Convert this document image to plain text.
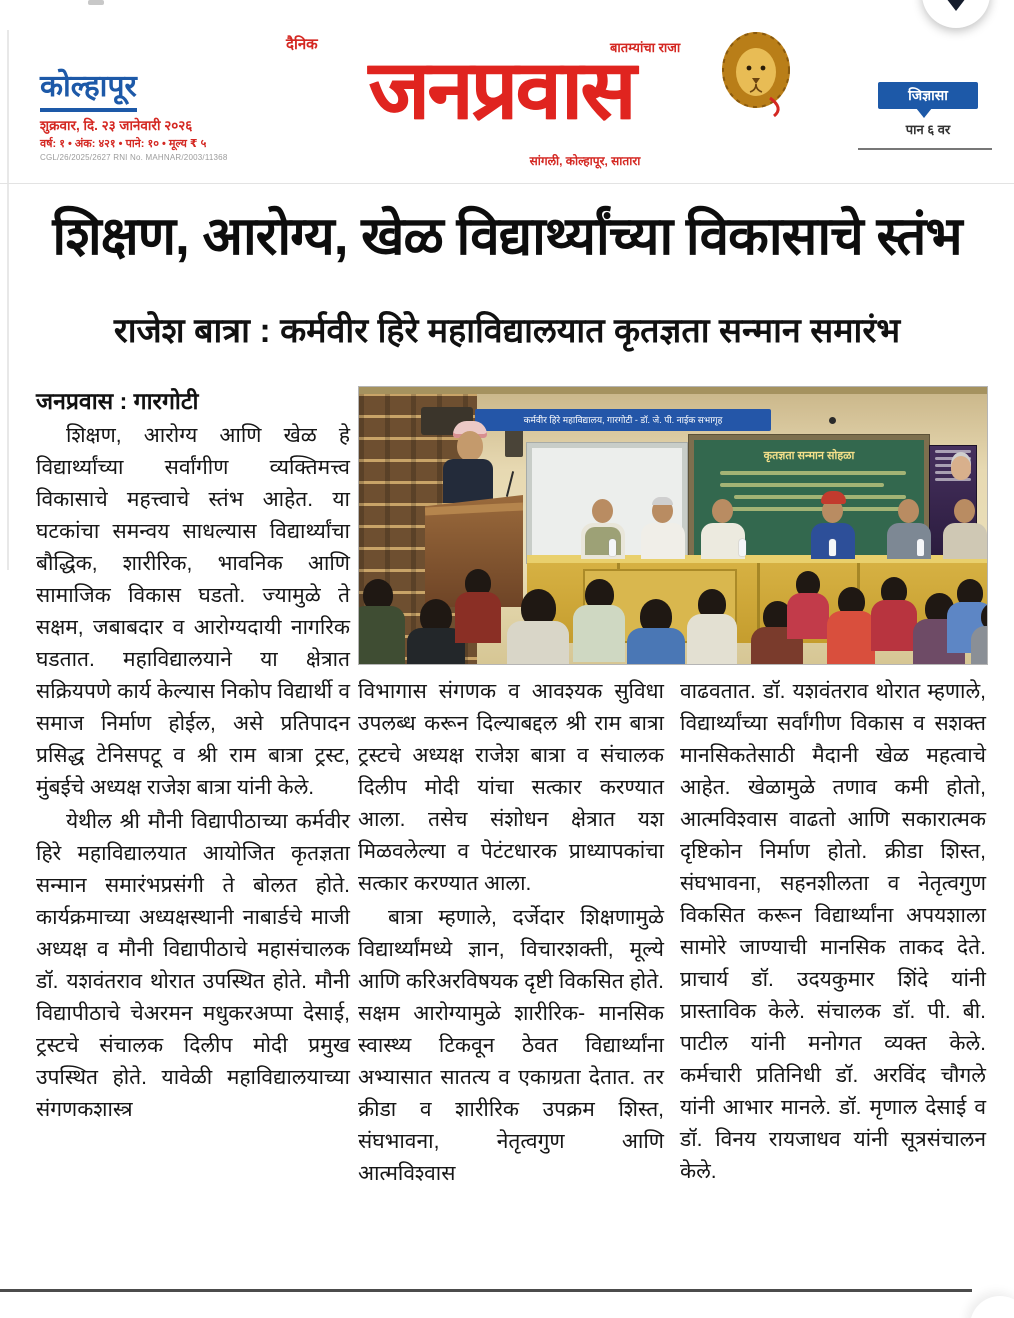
कोल्हापूर
शुक्रवार, दि. २३ जानेवारी २०२६
वर्ष: १ • अंक: ४२१ • पाने: १० • मूल्य ₹ ५
CGL/26/2025/2627 RNI No. MAHNAR/2003/11368
दैनिक	बातम्यांचा राजा
जनप्रवास
सांगली, कोल्हापूर, सातारा
जिज्ञासा
पान ६ वर
शिक्षण, आरोग्य, खेळ विद्यार्थ्यांच्या विकासाचे स्तंभ
राजेश बात्रा : कर्मवीर हिरे महाविद्यालयात कृतज्ञता सन्मान समारंभ
जनप्रवास : गारगोटी

शिक्षण, आरोग्य आणि खेळ हे विद्यार्थ्यांच्या सर्वांगीण व्यक्तिमत्त्व विकासाचे महत्त्वाचे स्तंभ आहेत. या घटकांचा समन्वय साधल्यास विद्यार्थ्यांचा बौद्धिक, शारीरिक, भावनिक आणि सामाजिक विकास घडतो. ज्यामुळे ते सक्षम, जबाबदार व आरोग्यदायी नागरिक घडतात. महाविद्यालयाने या क्षेत्रात सक्रियपणे कार्य केल्यास निकोप विद्यार्थी व समाज निर्माण होईल, असे प्रतिपादन प्रसिद्ध टेनिसपटू व श्री राम बात्रा ट्रस्ट, मुंबईचे अध्यक्ष राजेश बात्रा यांनी केले.

येथील श्री मौनी विद्यापीठाच्या कर्मवीर हिरे महाविद्यालयात आयोजित कृतज्ञता सन्मान समारंभप्रसंगी ते बोलत होते. कार्यक्रमाच्या अध्यक्षस्थानी नाबार्डचे माजी अध्यक्ष व मौनी विद्यापीठाचे महासंचालक डॉ. यशवंतराव थोरात उपस्थित होते. मौनी विद्यापीठाचे चेअरमन मधुकरअप्पा देसाई, ट्रस्टचे संचालक दिलीप मोदी प्रमुख उपस्थित होते. यावेळी महाविद्यालयाच्या संगणकशास्त्र

विभागास संगणक व आवश्यक सुविधा उपलब्ध करून दिल्याबद्दल श्री राम बात्रा ट्रस्टचे अध्यक्ष राजेश बात्रा व संचालक दिलीप मोदी यांचा सत्कार करण्यात आला. तसेच संशोधन क्षेत्रात यश मिळवलेल्या व पेटंटधारक प्राध्यापकांचा सत्कार करण्यात आला.

बात्रा म्हणाले, दर्जेदार शिक्षणामुळे विद्यार्थ्यांमध्ये ज्ञान, विचारशक्ती, मूल्ये आणि करिअरविषयक दृष्टी विकसित होते. सक्षम आरोग्यामुळे शारीरिक- मानसिक स्वास्थ्य टिकवून ठेवत विद्यार्थ्यांना अभ्यासात सातत्य व एकाग्रता देतात. तर क्रीडा व शारीरिक उपक्रम शिस्त, संघभावना, नेतृत्वगुण आणि आत्मविश्वास

वाढवतात. डॉ. यशवंतराव थोरात म्हणाले, विद्यार्थ्यांच्या सर्वांगीण विकास व सशक्त मानसिकतेसाठी मैदानी खेळ महत्वाचे आहेत. खेळामुळे तणाव कमी होतो, आत्मविश्वास वाढतो आणि सकारात्मक दृष्टिकोन निर्माण होतो. क्रीडा शिस्त, संघभावना, सहनशीलता व नेतृत्वगुण विकसित करून विद्यार्थ्यांना अपयशाला सामोरे जाण्याची मानसिक ताकद देते. प्राचार्य डॉ. उदयकुमार शिंदे यांनी प्रास्ताविक केले. संचालक डॉ. पी. बी. पाटील यांनी मनोगत व्यक्त केले. कर्मचारी प्रतिनिधी डॉ. अरविंद चौगले यांनी आभार मानले. डॉ. मृणाल देसाई व डॉ. विनय रायजाधव यांनी सूत्रसंचालन केले.

कर्मवीर हिरे महाविद्यालय, गारगोटी - डॉ. जे. पी. नाईक सभागृह
कृतज्ञता सन्मान सोहळा
